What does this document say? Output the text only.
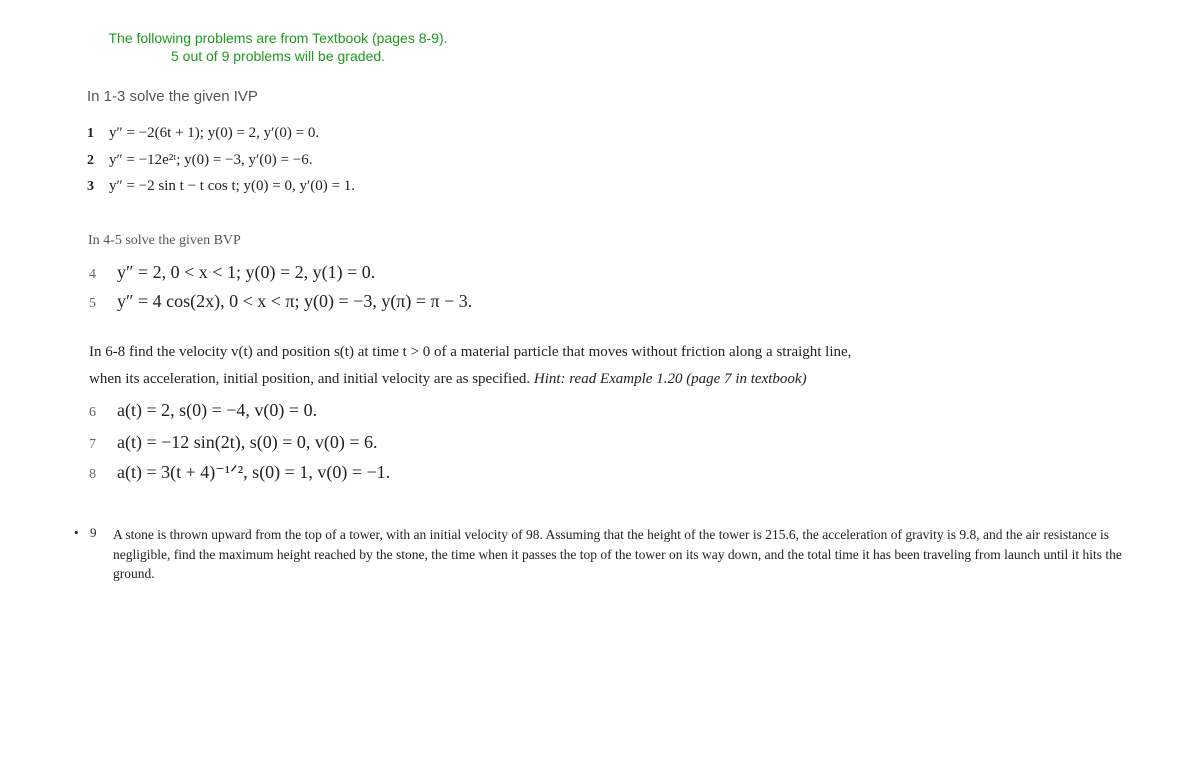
The following problems are from Textbook (pages 8-9).
5 out of 9 problems will be graded.
In 1-3 solve the given IVP
1 y″ = −2(6t + 1); y(0) = 2, y′(0) = 0.
2 y″ = −12e²ᵗ; y(0) = −3, y′(0) = −6.
3 y″ = −2 sin t − t cos t; y(0) = 0, y′(0) = 1.
In 4-5 solve the given BVP
4 y″ = 2, 0 < x < 1; y(0) = 2, y(1) = 0.
5 y″ = 4 cos(2x), 0 < x < π; y(0) = −3, y(π) = π − 3.
In 6-8 find the velocity v(t) and position s(t) at time t > 0 of a material particle that moves without friction along a straight line,
when its acceleration, initial position, and initial velocity are as specified. Hint: read Example 1.20 (page 7 in textbook)
6 a(t) = 2, s(0) = −4, v(0) = 0.
7 a(t) = −12 sin(2t), s(0) = 0, v(0) = 6.
8 a(t) = 3(t + 4)⁻¹ᐟ², s(0) = 1, v(0) = −1.
• 9 A stone is thrown upward from the top of a tower, with an initial velocity of 98. Assuming that the height of the tower is 215.6, the acceleration of gravity is 9.8, and the air resistance is negligible, find the maximum height reached by the stone, the time when it passes the top of the tower on its way down, and the total time it has been traveling from launch until it hits the ground.
